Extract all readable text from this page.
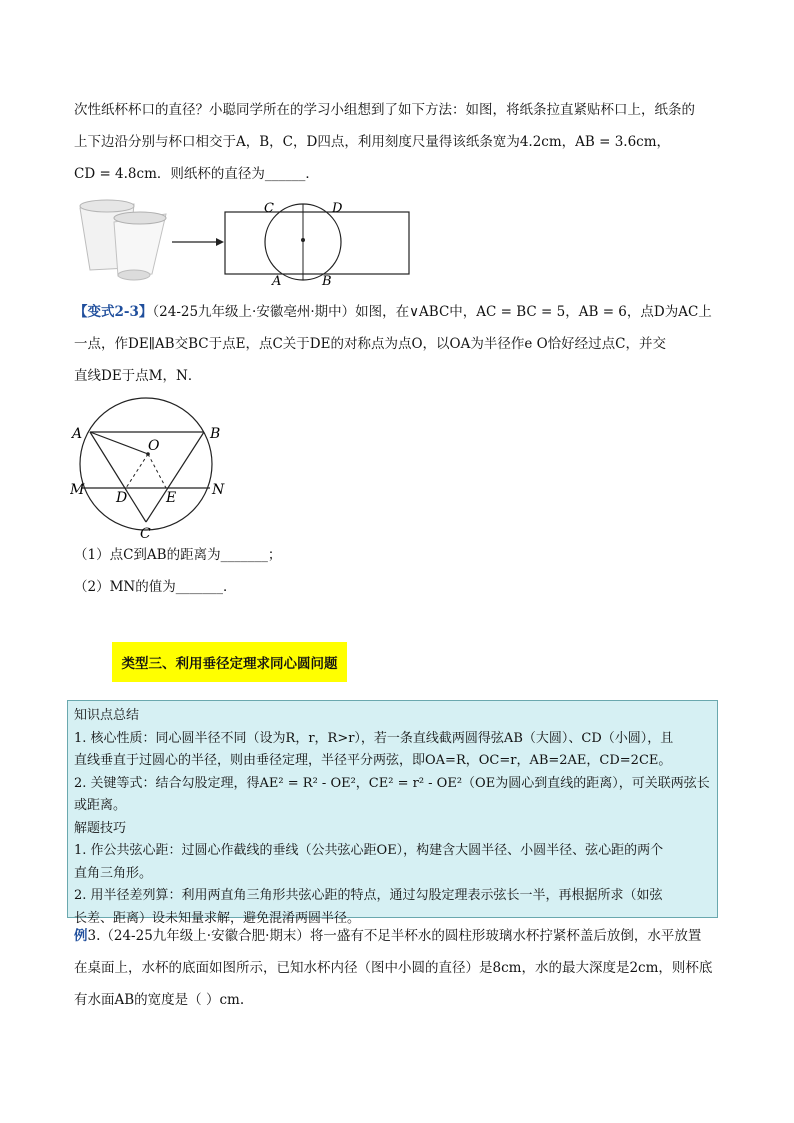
次性纸杯杯口的直径？小聪同学所在的学习小组想到了如下方法：如图，将纸条拉直紧贴杯口上，纸条的
上下边沿分别与杯口相交于A，B，C，D四点，利用刻度尺量得该纸条宽为4.2cm，AB = 3.6cm，
CD = 4.8cm．则纸杯的直径为______．
C	D
A	B
【变式2-3】（24-25九年级上·安徽亳州·期中）如图，在∨ABC中，AC = BC = 5，AB = 6，点D为AC上
一点，作DE∥AB交BC于点E，点C关于DE的对称点为点O，以OA为半径作e O恰好经过点C，并交
直线DE于点M，N．
A	B
O
M D	E	N
C
（1）点C到AB的距离为_______；
（2）MN的值为_______．
类型三、利用垂径定理求同心圆问题
知识点总结
1. 核心性质：同心圆半径不同（设为R，r，R>r），若一条直线截两圆得弦AB（大圆）、CD（小圆），且
直线垂直于过圆心的半径，则由垂径定理，半径平分两弦，即OA=R，OC=r，AB=2AE，CD=2CE。
2. 关键等式：结合勾股定理，得AE² = R² - OE²，CE² = r² - OE²（OE为圆心到直线的距离），可关联两弦长
或距离。
解题技巧
1. 作公共弦心距：过圆心作截线的垂线（公共弦心距OE），构建含大圆半径、小圆半径、弦心距的两个
直角三角形。
2. 用半径差列算：利用两直角三角形共弦心距的特点，通过勾股定理表示弦长一半，再根据所求（如弦
长差、距离）设未知量求解，避免混淆两圆半径。
例3.（24-25九年级上·安徽合肥·期末）将一盛有不足半杯水的圆柱形玻璃水杯拧紧杯盖后放倒，水平放置
在桌面上，水杯的底面如图所示，已知水杯内径（图中小圆的直径）是8cm，水的最大深度是2cm，则杯底
有水面AB的宽度是（ ）cm.
